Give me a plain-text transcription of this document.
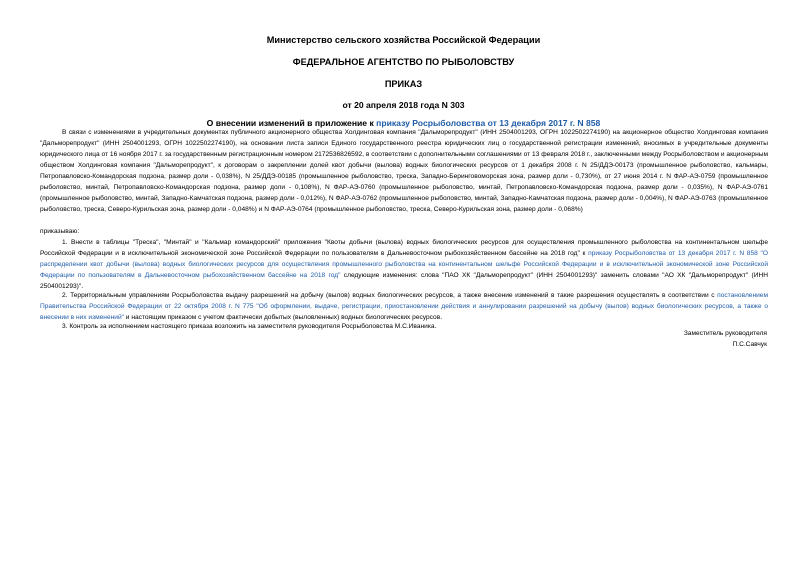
Министерство сельского хозяйства Российской Федерации
ФЕДЕРАЛЬНОЕ АГЕНТСТВО ПО РЫБОЛОВСТВУ
ПРИКАЗ
от 20 апреля 2018 года N 303
О внесении изменений в приложение к приказу Росрыболовства от 13 декабря 2017 г. N 858
В связи с изменениями в учредительных документах публичного акционерного общества Холдинговая компания "Дальморепродукт" (ИНН 2504001293, ОГРН 1022502274190) на акционерное общество Холдинговая компания "Дальморепродукт" (ИНН 2504001293, ОГРН 1022502274190), на основании листа записи Единого государственного реестра юридических лиц о государственной регистрации изменений, вносимых в учредительные документы юридического лица от 16 ноября 2017 г. за государственным регистрационным номером 2172536826592, в соответствии с дополнительными соглашениями от 13 февраля 2018 г., заключенными между Росрыболовством и акционерным обществом Холдинговая компания "Дальморепродукт", к договорам о закреплении долей квот добычи (вылова) водных биологических ресурсов от 1 декабря 2008 г. N 25/ДДЭ-00173 (промышленное рыболовство, кальмары, Петропавловско-Командорская подзона, размер доли - 0,038%), N 25/ДДЭ-00185 (промышленное рыболовство, треска, Западно-Беринговоморская зона, размер доли - 0,730%), от 27 июня 2014 г. N ФАР-АЭ-0759 (промышленное рыболовство, минтай, Петропавловско-Командорская подзона, размер доли - 0,108%), N ФАР-АЭ-0760 (промышленное рыболовство, минтай, Петропавловско-Командорская подзона, размер доли - 0,035%), N ФАР-АЭ-0761 (промышленное рыболовство, минтай, Западно-Камчатская подзона, размер доли - 0,012%), N ФАР-АЭ-0762 (промышленное рыболовство, минтай, Западно-Камчатская подзона, размер доли - 0,004%), N ФАР-АЭ-0763 (промышленное рыболовство, треска, Северо-Курильская зона, размер доли - 0,048%) и N ФАР-АЭ-0764 (промышленное рыболовство, треска, Северо-Курильская зона, размер доли - 0,068%)
приказываю:
1. Внести в таблицы "Треска", "Минтай" и "Кальмар командорский" приложения "Квоты добычи (вылова) водных биологических ресурсов для осуществления промышленного рыболовства на континентальном шельфе Российской Федерации и в исключительной экономической зоне Российской Федерации по пользователям в Дальневосточном рыбохозяйственном бассейне на 2018 год" к приказу Росрыболовства от 13 декабря 2017 г. N 858 "О распределении квот добычи (вылова) водных биологических ресурсов для осуществления промышленного рыболовства на континентальном шельфе Российской Федерации и в исключительной экономической зоне Российской Федерации по пользователям в Дальневосточном рыбохозяйственном бассейне на 2018 год" следующие изменения: слова "ПАО ХК "Дальморепродукт" (ИНН 2504001293)" заменить словами "АО ХК "Дальморепродукт" (ИНН 2504001293)".
2. Территориальным управлениям Росрыболовства выдачу разрешений на добычу (вылов) водных биологических ресурсов, а также внесение изменений в такие разрешения осуществлять в соответствии с постановлением Правительства Российской Федерации от 22 октября 2008 г. N 775 "Об оформлении, выдаче, регистрации, приостановлении действия и аннулировании разрешений на добычу (вылов) водных биологических ресурсов, а также о внесении в них изменений" и настоящим приказом с учетом фактически добытых (выловленных) водных биологических ресурсов.
3. Контроль за исполнением настоящего приказа возложить на заместителя руководителя Росрыболовства М.С.Иваника.
Заместитель руководителя
П.С.Савчук
